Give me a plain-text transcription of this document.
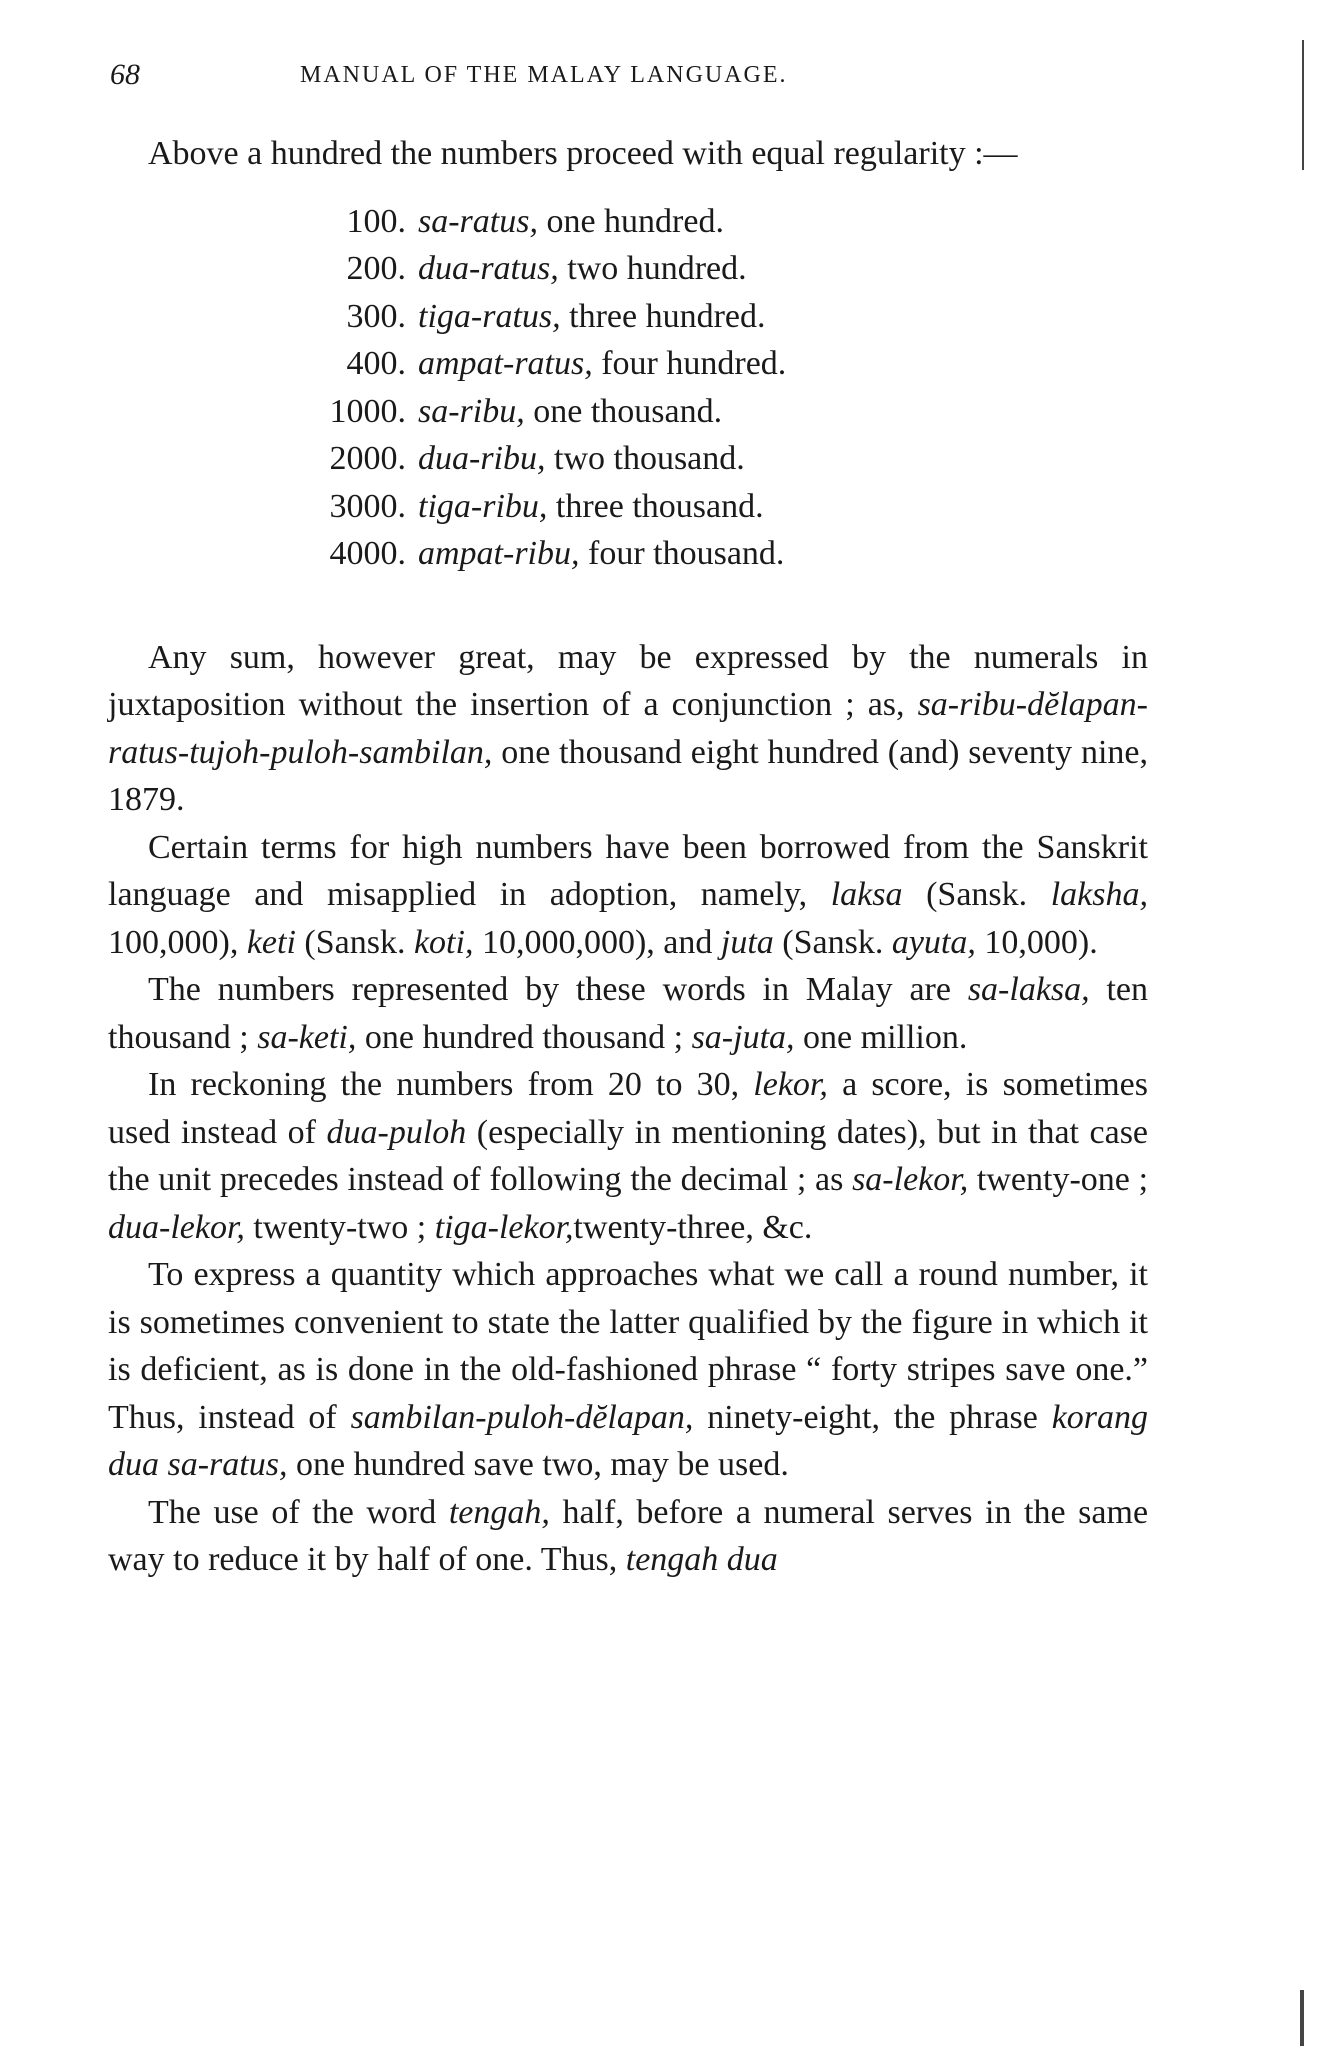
68	MANUAL OF THE MALAY LANGUAGE.

Above a hundred the numbers proceed with equal regularity :—

100. sa-ratus,
one hundred.
200. dua-ratus,
two hundred.
300. tiga-ratus,
three hundred.
400. ampat-ratus,
four hundred.
1000. sa-ribu,
one thousand.
2000. dua-ribu,
two thousand.
3000. tiga-ribu,
three thousand.
4000. ampat-ribu,
four thousand.

Any sum, however great, may be expressed by the numerals in juxtaposition without the insertion of a conjunction ; as, sa-ribu-dĕlapan-ratus-tujoh-puloh-sambilan, one thousand eight hundred (and) seventy nine, 1879.

Certain terms for high numbers have been borrowed from the Sanskrit language and misapplied in adoption, namely, laksa (Sansk. laksha, 100,000), keti (Sansk. koti, 10,000,000), and juta (Sansk. ayuta, 10,000).

The numbers represented by these words in Malay are sa-laksa, ten thousand ; sa-keti, one hundred thousand ; sa-juta, one million.

In reckoning the numbers from 20 to 30, lekor, a score, is sometimes used instead of dua-puloh (especially in mentioning dates), but in that case the unit precedes instead of following the decimal ; as sa-lekor, twenty-one ; dua-lekor, twenty-two ; tiga-lekor,twenty-three, &c.

To express a quantity which approaches what we call a round number, it is sometimes convenient to state the latter qualified by the figure in which it is deficient, as is done in the old-fashioned phrase “ forty stripes save one.” Thus, instead of sambilan-puloh-dĕlapan, ninety-eight, the phrase korang dua sa-ratus, one hundred save two, may be used.

The use of the word tengah, half, before a numeral serves in the same way to reduce it by half of one. Thus, tengah dua
